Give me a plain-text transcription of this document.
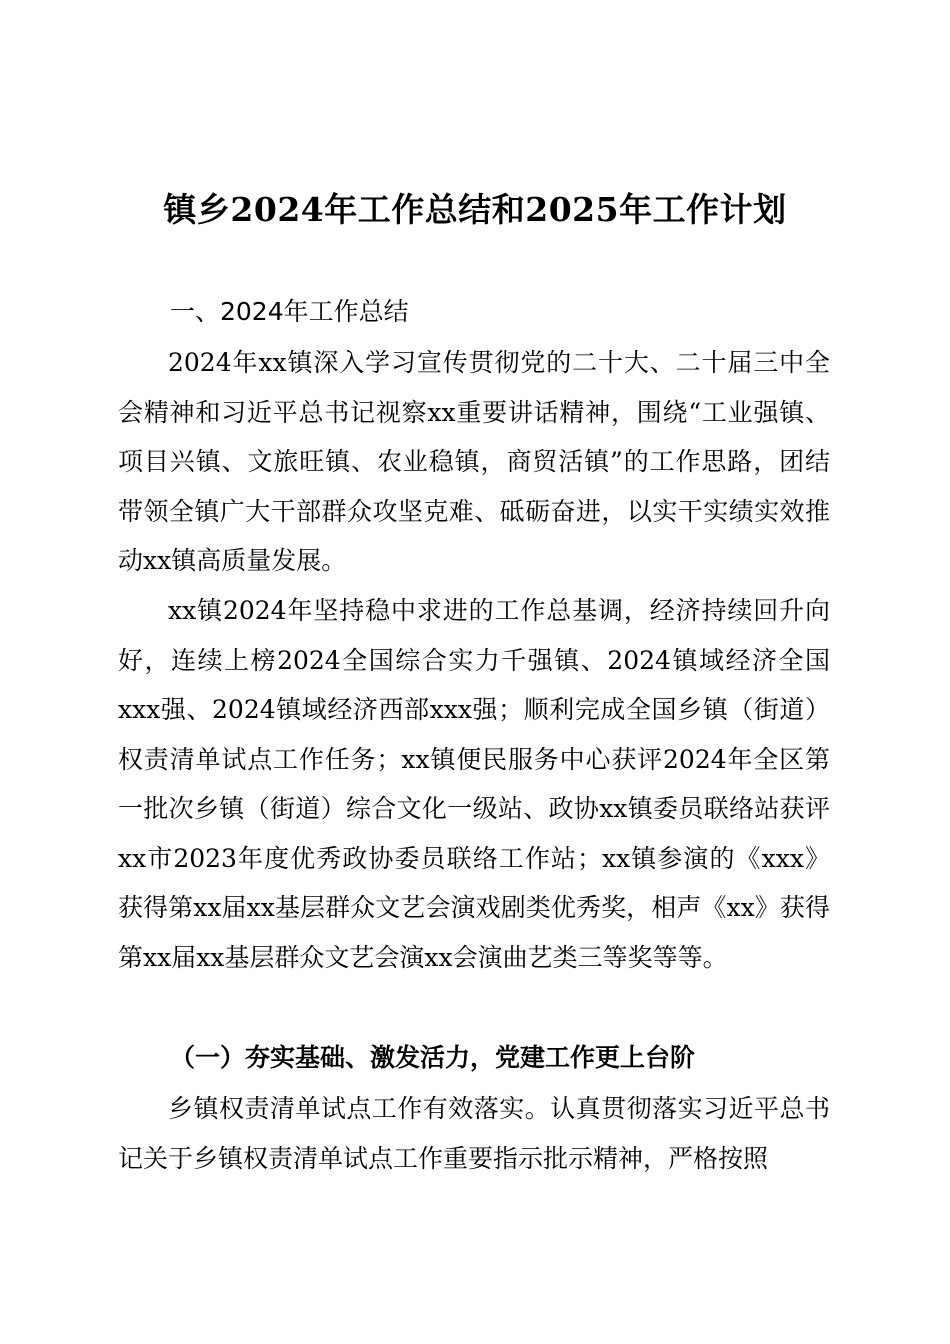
镇乡2024年工作总结和2025年工作计划
一、2024年工作总结

2024年xx镇深入学习宣传贯彻党的二十大、二十届三中全会精神和习近平总书记视察xx重要讲话精神，围绕“工业强镇、项目兴镇、文旅旺镇、农业稳镇，商贸活镇”的工作思路，团结带领全镇广大干部群众攻坚克难、砥砺奋进，以实干实绩实效推动xx镇高质量发展。

xx镇2024年坚持稳中求进的工作总基调，经济持续回升向好，连续上榜2024全国综合实力千强镇、2024镇域经济全国xxx强、2024镇域经济西部xxx强；顺利完成全国乡镇（街道）权责清单试点工作任务；xx镇便民服务中心获评2024年全区第一批次乡镇（街道）综合文化一级站、政协xx镇委员联络站获评xx市2023年度优秀政协委员联络工作站；xx镇参演的《xxx》获得第xx届xx基层群众文艺会演戏剧类优秀奖，相声《xx》获得第xx届xx基层群众文艺会演xx会演曲艺类三等奖等等。

（一）夯实基础、激发活力，党建工作更上台阶

乡镇权责清单试点工作有效落实。认真贯彻落实习近平总书记关于乡镇权责清单试点工作重要指示批示精神，严格按照
